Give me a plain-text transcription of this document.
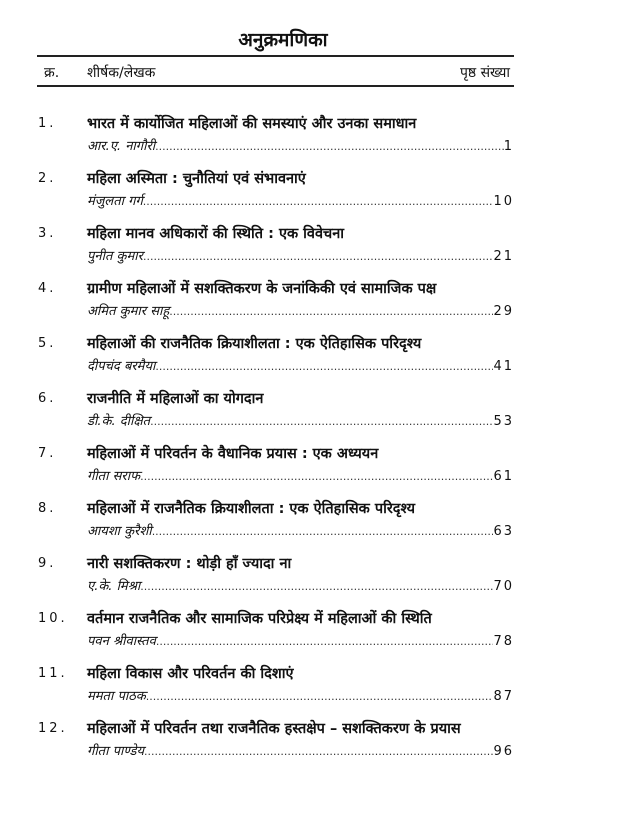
अनुक्रमणिका
क्र.	शीर्षक/लेखक	पृष्ठ संख्या
1. भारत में कार्योजित महिलाओं की समस्याएं और उनका समाधान
आर.ए. नागौरी .....	1
2. महिला अस्मिता : चुनौतियां एवं संभावनाएं
मंजुलता गर्ग .....	10
3. महिला मानव अधिकारों की स्थिति : एक विवेचना
पुनीत कुमार .....	21
4. ग्रामीण महिलाओं में सशक्तिकरण के जनांकिकी एवं सामाजिक पक्ष
अमित कुमार साहू .....	29
5. महिलाओं की राजनैतिक क्रियाशीलता : एक ऐतिहासिक परिदृश्य
दीपचंद बरमैया .....	41
6. राजनीति में महिलाओं का योगदान
डी.के. दीक्षित .....	53
7. महिलाओं में परिवर्तन के वैधानिक प्रयास : एक अध्ययन
गीता सराफ .....	61
8. महिलाओं में राजनैतिक क्रियाशीलता : एक ऐतिहासिक परिदृश्य
आयशा कुरैशी .....	63
9. नारी सशक्तिकरण : थोड़ी हाँ ज्यादा ना
ए.के. मिश्रा .....	70
10. वर्तमान राजनैतिक और सामाजिक परिप्रेक्ष्य में महिलाओं की स्थिति
पवन श्रीवास्तव .....	78
11. महिला विकास और परिवर्तन की दिशाएं
ममता पाठक .....	87
12. महिलाओं में परिवर्तन तथा राजनैतिक हस्तक्षेप – सशक्तिकरण के प्रयास
गीता पाण्डेय .....	96
